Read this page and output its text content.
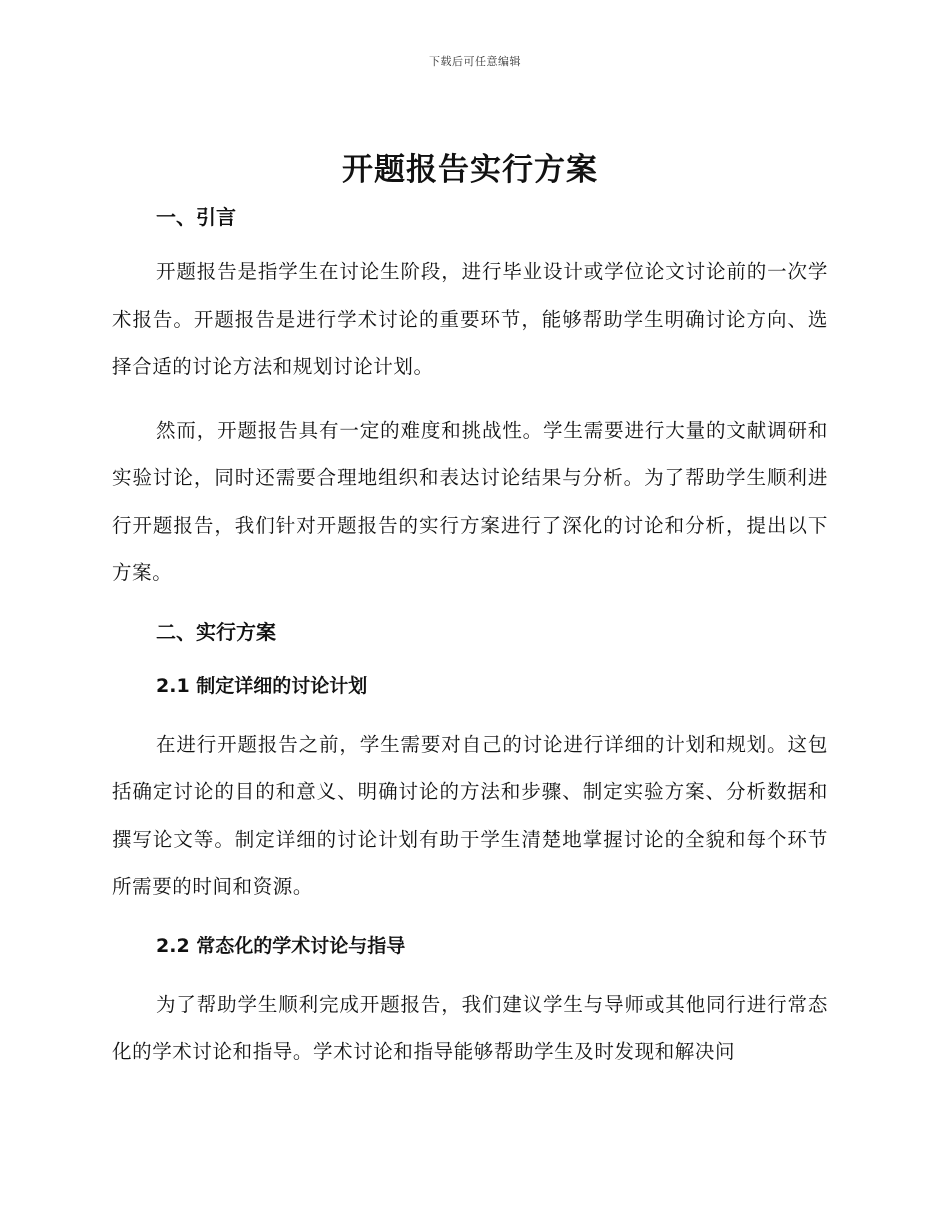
下载后可任意编辑
开题报告实行方案
一、引言

开题报告是指学生在讨论生阶段，进行毕业设计或学位论文讨论前的一次学术报告。开题报告是进行学术讨论的重要环节，能够帮助学生明确讨论方向、选择合适的讨论方法和规划讨论计划。

然而，开题报告具有一定的难度和挑战性。学生需要进行大量的文献调研和实验讨论，同时还需要合理地组织和表达讨论结果与分析。为了帮助学生顺利进行开题报告，我们针对开题报告的实行方案进行了深化的讨论和分析，提出以下方案。

二、实行方案
2.1 制定详细的讨论计划

在进行开题报告之前，学生需要对自己的讨论进行详细的计划和规划。这包括确定讨论的目的和意义、明确讨论的方法和步骤、制定实验方案、分析数据和撰写论文等。制定详细的讨论计划有助于学生清楚地掌握讨论的全貌和每个环节所需要的时间和资源。

2.2 常态化的学术讨论与指导

为了帮助学生顺利完成开题报告，我们建议学生与导师或其他同行进行常态化的学术讨论和指导。学术讨论和指导能够帮助学生及时发现和解决问
